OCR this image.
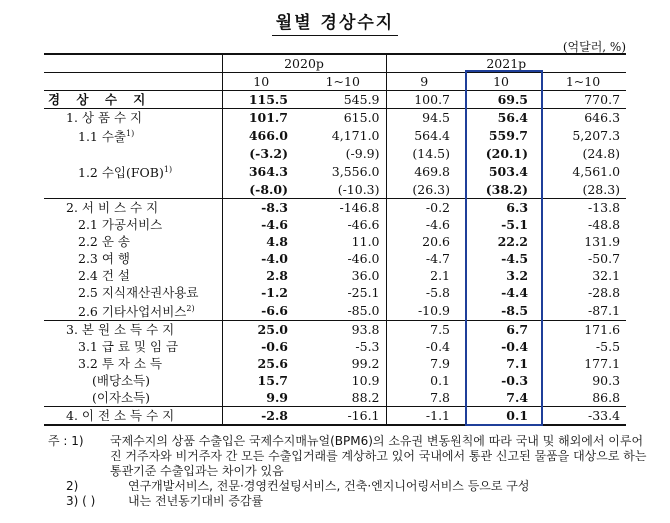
월별 경상수지
(억달러, %)
	2020p		2021p		
	10	1~10	9	10	1~10
경 상 수 지	115.5	545.9	100.7	69.5	770.7
1. 상 품 수 지	101.7	615.0	94.5	56.4	646.3
1.1 수출$^{1)}$	466.0	4,171.0	564.4	559.7	5,207.3
	(-3.2)	(-9.9)	(14.5)	(20.1)	(24.8)
1.2 수입(FOB)$^{1)}$	364.3	3,556.0	469.8	503.4	4,561.0
	(-8.0)	(-10.3)	(26.3)	(38.2)	(28.3)
2. 서 비 스 수 지	-8.3	-146.8	-0.2	6.3	-13.8
2.1 가공서비스	-4.6	-46.6	-4.6	-5.1	-48.8
2.2 운 송	4.8	11.0	20.6	22.2	131.9
2.3 여 행	-4.0	-46.0	-4.7	-4.5	-50.7
2.4 건 설	2.8	36.0	2.1	3.2	32.1
2.5 지식재산권사용료	-1.2	-25.1	-5.8	-4.4	-28.8
2.6 기타사업서비스$^{2)}$	-6.6	-85.0	-10.9	-8.5	-87.1
3. 본 원 소 득 수 지	25.0	93.8	7.5	6.7	171.6
3.1 급 료 및 임 금	-0.6	-5.3	-0.4	-0.4	-5.5
3.2 투 자 소 득	25.6	99.2	7.9	7.1	177.1
(배당소득)	15.7	10.9	0.1	-0.3	90.3
(이자소득)	9.9	88.2	7.8	7.4	86.8
4. 이 전 소 득 수 지	-2.8	-16.1	-1.1	0.1	-33.4
주 : 1)	국제수지의 상품 수출입은 국제수지매뉴얼(BPM6)의 소유권 변동원칙에 따라 국내 및 해외에서 이루어진 거주자와 비거주자 간 모든 수출입거래를 계상하고 있어 국내에서 통관 신고된 물품을 대상으로 하는 통관기준 수출입과는 차이가 있음
2)	연구개발서비스, 전문·경영컨설팅서비스, 건축·엔지니어링서비스 등으로 구성
3) ( )	내는 전년동기대비 증감률
